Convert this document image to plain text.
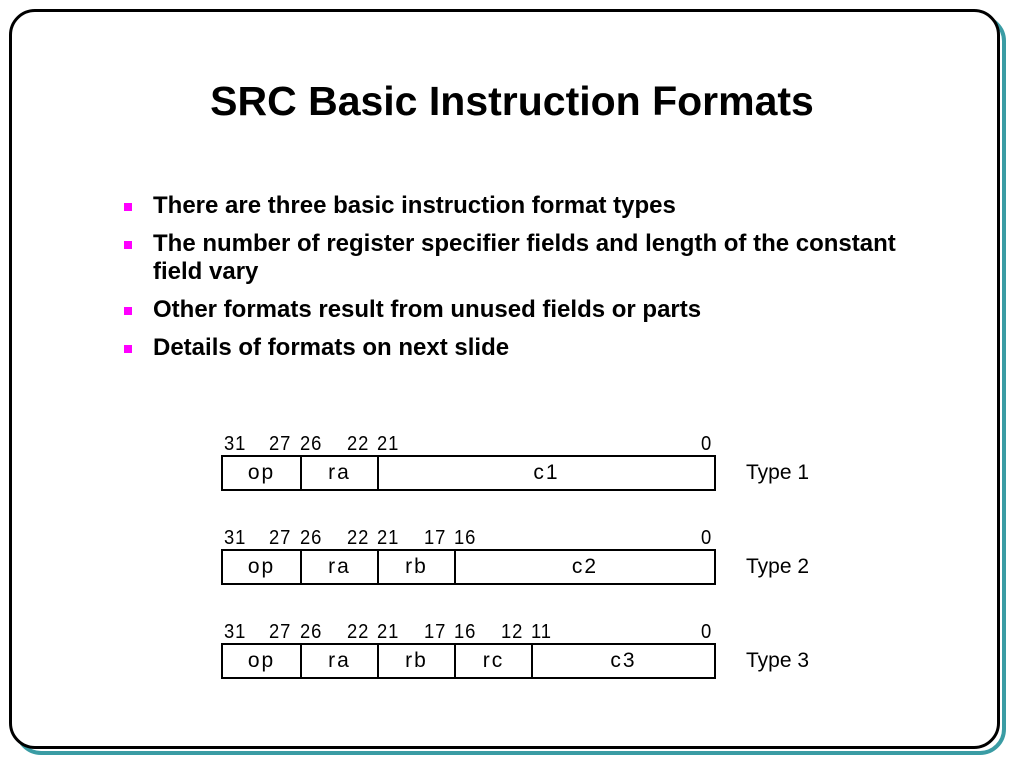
SRC Basic Instruction Formats
There are three basic instruction format types
The number of register specifier fields and length of the constant field vary
Other formats result from unused fields or parts
Details of formats on next slide
31 27 26 22 21	0
op	ra	c1	Type 1
31 27 26 22 21 17 16	0
op	ra	rb	c2	Type 2
31 27 26 22 21 17 16 12 11	0
op	ra	rb	rc	c3	Type 3
